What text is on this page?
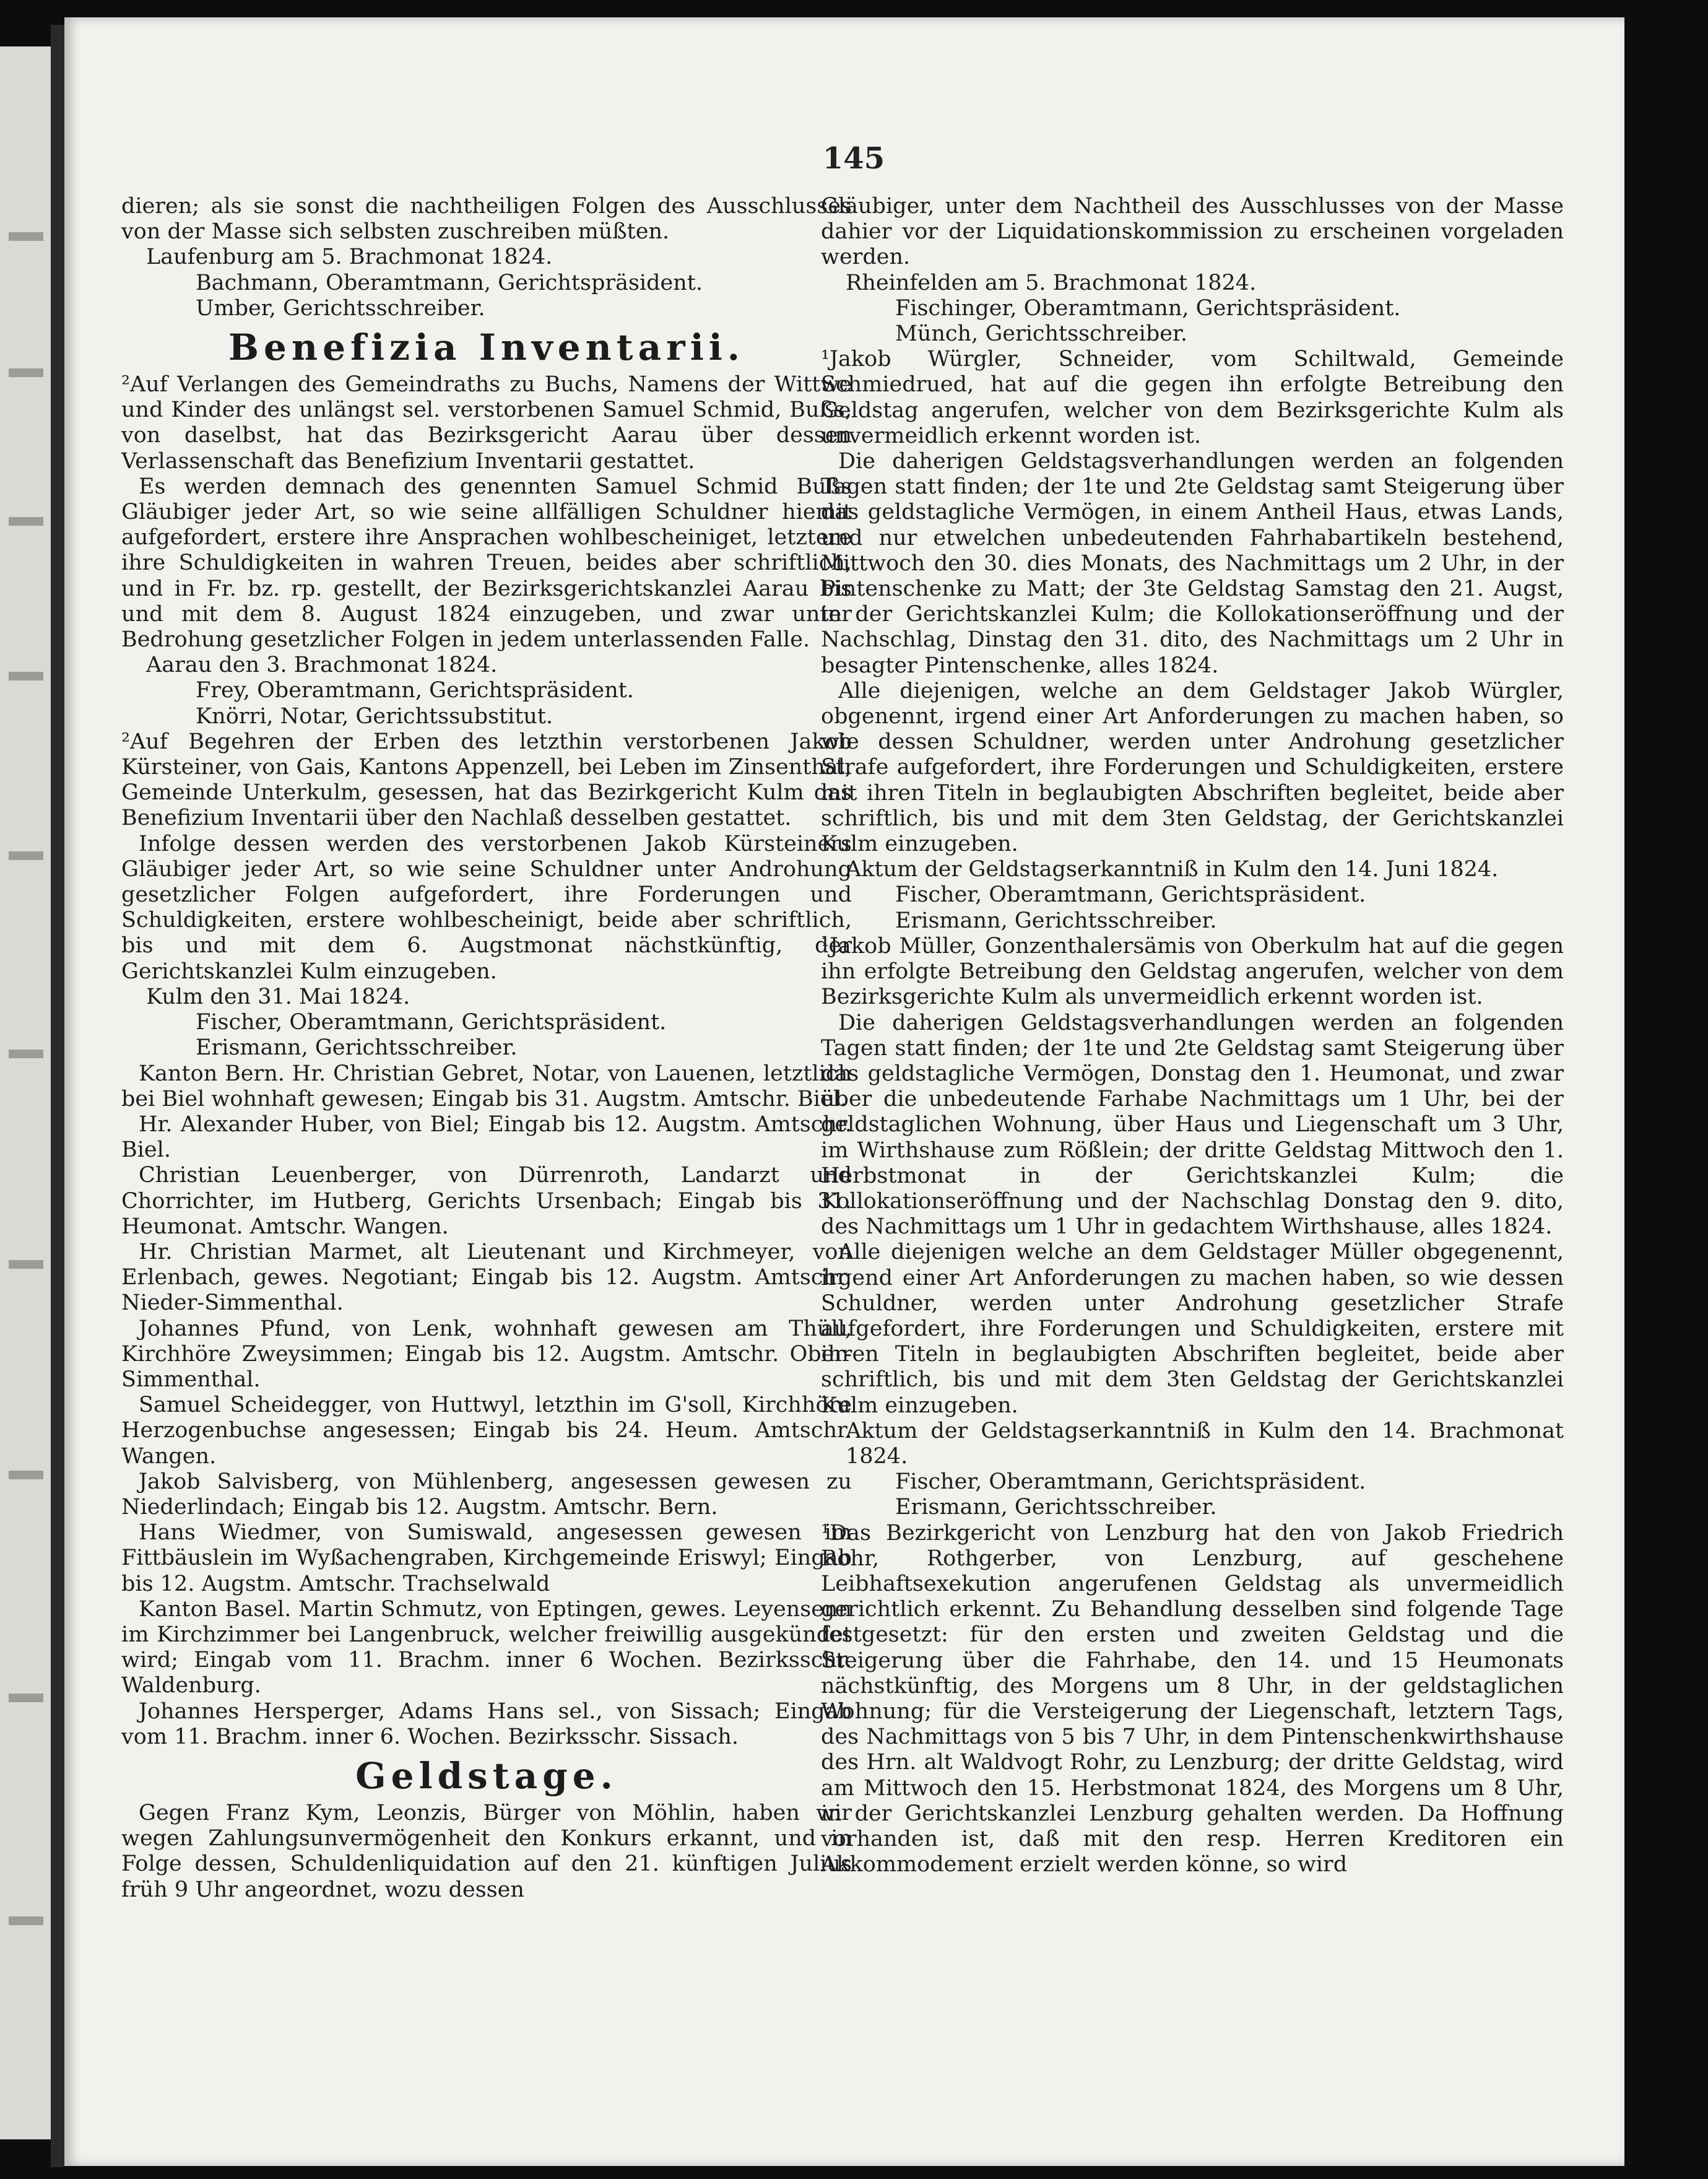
145

dieren; als sie sonst die nachtheiligen Folgen des Ausschlusses von der Masse sich selbsten zuschreiben müßten.

Laufenburg am 5. Brachmonat 1824.

Bachmann, Oberamtmann, Gerichtspräsident.

Umber, Gerichtsschreiber.

Benefizia Inventarii.

²Auf Verlangen des Gemeindraths zu Buchs, Namens der Wittwe und Kinder des unlängst sel. verstorbenen Samuel Schmid, Bußs, von daselbst, hat das Bezirksgericht Aarau über dessen Verlassenschaft das Benefizium Inventarii gestattet.

Es werden demnach des genennten Samuel Schmid Bußs Gläubiger jeder Art, so wie seine allfälligen Schuldner hiemit aufgefordert, erstere ihre Ansprachen wohlbescheiniget, letztere ihre Schuldigkeiten in wahren Treuen, beides aber schriftlich, und in Fr. bz. rp. gestellt, der Bezirksgerichtskanzlei Aarau bis und mit dem 8. August 1824 einzugeben, und zwar unter Bedrohung gesetzlicher Folgen in jedem unterlassenden Falle.

Aarau den 3. Brachmonat 1824.

Frey, Oberamtmann, Gerichtspräsident.

Knörri, Notar, Gerichtssubstitut.

²Auf Begehren der Erben des letzthin verstorbenen Jakob Kürsteiner, von Gais, Kantons Appenzell, bei Leben im Zinsenthal, Gemeinde Unterkulm, gesessen, hat das Bezirkgericht Kulm das Benefizium Inventarii über den Nachlaß desselben gestattet.

Infolge dessen werden des verstorbenen Jakob Kürsteiners Gläubiger jeder Art, so wie seine Schuldner unter Androhung gesetzlicher Folgen aufgefordert, ihre Forderungen und Schuldigkeiten, erstere wohlbescheinigt, beide aber schriftlich, bis und mit dem 6. Augstmonat nächstkünftig, der Gerichtskanzlei Kulm einzugeben.

Kulm den 31. Mai 1824.

Fischer, Oberamtmann, Gerichtspräsident.

Erismann, Gerichtsschreiber.

Kanton Bern. Hr. Christian Gebret, Notar, von Lauenen, letztlich bei Biel wohnhaft gewesen; Eingab bis 31. Augstm. Amtschr. Biel.

Hr. Alexander Huber, von Biel; Eingab bis 12. Augstm. Amtschr. Biel.

Christian Leuenberger, von Dürrenroth, Landarzt und Chorrichter, im Hutberg, Gerichts Ursenbach; Eingab bis 31. Heumonat. Amtschr. Wangen.

Hr. Christian Marmet, alt Lieutenant und Kirchmeyer, von Erlenbach, gewes. Negotiant; Eingab bis 12. Augstm. Amtschr. Nieder-Simmenthal.

Johannes Pfund, von Lenk, wohnhaft gewesen am Thüll, Kirchhöre Zweysimmen; Eingab bis 12. Augstm. Amtschr. Ober-Simmenthal.

Samuel Scheidegger, von Huttwyl, letzthin im G'soll, Kirchhöre Herzogenbuchse angesessen; Eingab bis 24. Heum. Amtschr. Wangen.

Jakob Salvisberg, von Mühlenberg, angesessen gewesen zu Niederlindach; Eingab bis 12. Augstm. Amtschr. Bern.

Hans Wiedmer, von Sumiswald, angesessen gewesen im Fittbäuslein im Wyßachengraben, Kirchgemeinde Eriswyl; Eingab bis 12. Augstm. Amtschr. Trachselwald

Kanton Basel. Martin Schmutz, von Eptingen, gewes. Leyensenn im Kirchzimmer bei Langenbruck, welcher freiwillig ausgekündet wird; Eingab vom 11. Brachm. inner 6 Wochen. Bezirksschr. Waldenburg.

Johannes Hersperger, Adams Hans sel., von Sissach; Eingab vom 11. Brachm. inner 6. Wochen. Bezirksschr. Sissach.

Geldstage.

Gegen Franz Kym, Leonzis, Bürger von Möhlin, haben wir wegen Zahlungsunvermögenheit den Konkurs erkannt, und in Folge dessen, Schuldenliquidation auf den 21. künftigen Julius früh 9 Uhr angeordnet, wozu dessen

Gläubiger, unter dem Nachtheil des Ausschlusses von der Masse dahier vor der Liquidationskommission zu erscheinen vorgeladen werden.

Rheinfelden am 5. Brachmonat 1824.

Fischinger, Oberamtmann, Gerichtspräsident.

Münch, Gerichtsschreiber.

¹Jakob Würgler, Schneider, vom Schiltwald, Gemeinde Schmiedrued, hat auf die gegen ihn erfolgte Betreibung den Geldstag angerufen, welcher von dem Bezirksgerichte Kulm als unvermeidlich erkennt worden ist.

Die daherigen Geldstagsverhandlungen werden an folgenden Tagen statt finden; der 1te und 2te Geldstag samt Steigerung über das geldstagliche Vermögen, in einem Antheil Haus, etwas Lands, und nur etwelchen unbedeutenden Fahrhabartikeln bestehend, Mittwoch den 30. dies Monats, des Nachmittags um 2 Uhr, in der Pintenschenke zu Matt; der 3te Geldstag Samstag den 21. Augst, in der Gerichtskanzlei Kulm; die Kollokationseröffnung und der Nachschlag, Dinstag den 31. dito, des Nachmittags um 2 Uhr in besagter Pintenschenke, alles 1824.

Alle diejenigen, welche an dem Geldstager Jakob Würgler, obgenennt, irgend einer Art Anforderungen zu machen haben, so wie dessen Schuldner, werden unter Androhung gesetzlicher Strafe aufgefordert, ihre Forderungen und Schuldigkeiten, erstere mit ihren Titeln in beglaubigten Abschriften begleitet, beide aber schriftlich, bis und mit dem 3ten Geldstag, der Gerichtskanzlei Kulm einzugeben.

Aktum der Geldstagserkanntniß in Kulm den 14. Juni 1824.

Fischer, Oberamtmann, Gerichtspräsident.

Erismann, Gerichtsschreiber.

¹Jakob Müller, Gonzenthalersämis von Oberkulm hat auf die gegen ihn erfolgte Betreibung den Geldstag angerufen, welcher von dem Bezirksgerichte Kulm als unvermeidlich erkennt worden ist.

Die daherigen Geldstagsverhandlungen werden an folgenden Tagen statt finden; der 1te und 2te Geldstag samt Steigerung über das geldstagliche Vermögen, Donstag den 1. Heumonat, und zwar über die unbedeutende Farhabe Nachmittags um 1 Uhr, bei der geldstaglichen Wohnung, über Haus und Liegenschaft um 3 Uhr, im Wirthshause zum Rößlein; der dritte Geldstag Mittwoch den 1. Herbstmonat in der Gerichtskanzlei Kulm; die Kollokationseröffnung und der Nachschlag Donstag den 9. dito, des Nachmittags um 1 Uhr in gedachtem Wirthshause, alles 1824.

Alle diejenigen welche an dem Geldstager Müller obgegenennt, irgend einer Art Anforderungen zu machen haben, so wie dessen Schuldner, werden unter Androhung gesetzlicher Strafe aufgefordert, ihre Forderungen und Schuldigkeiten, erstere mit ihren Titeln in beglaubigten Abschriften begleitet, beide aber schriftlich, bis und mit dem 3ten Geldstag der Gerichtskanzlei Kulm einzugeben.

Aktum der Geldstagserkanntniß in Kulm den 14. Brachmonat 1824.

Fischer, Oberamtmann, Gerichtspräsident.

Erismann, Gerichtsschreiber.

¹Das Bezirkgericht von Lenzburg hat den von Jakob Friedrich Rohr, Rothgerber, von Lenzburg, auf geschehene Leibhaftsexekution angerufenen Geldstag als unvermeidlich gerichtlich erkennt. Zu Behandlung desselben sind folgende Tage festgesetzt: für den ersten und zweiten Geldstag und die Steigerung über die Fahrhabe, den 14. und 15 Heumonats nächstkünftig, des Morgens um 8 Uhr, in der geldstaglichen Wohnung; für die Versteigerung der Liegenschaft, letztern Tags, des Nachmittags von 5 bis 7 Uhr, in dem Pintenschenkwirthshause des Hrn. alt Waldvogt Rohr, zu Lenzburg; der dritte Geldstag, wird am Mittwoch den 15. Herbstmonat 1824, des Morgens um 8 Uhr, in der Gerichtskanzlei Lenzburg gehalten werden. Da Hoffnung vorhanden ist, daß mit den resp. Herren Kreditoren ein Akkommodement erzielt werden könne, so wird
